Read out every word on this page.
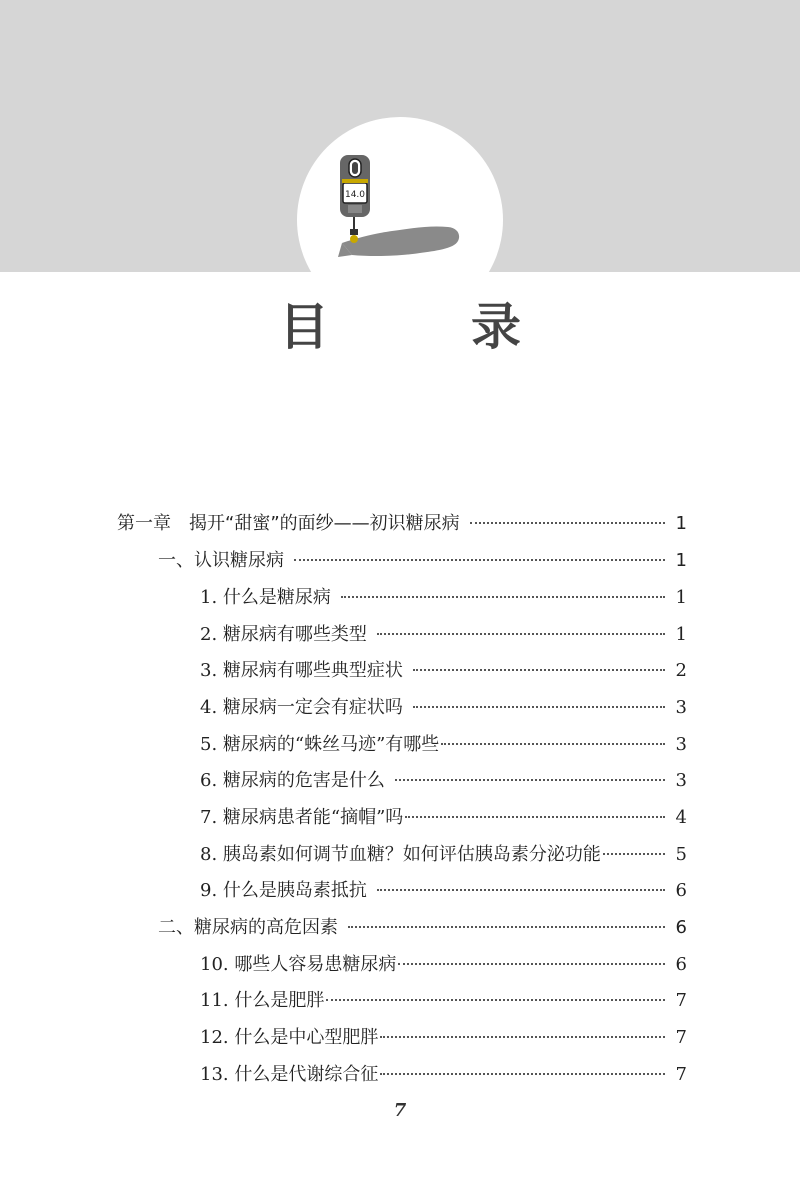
14.0
目　录
第一章　揭开“甜蜜”的面纱——初识糖尿病	1
一、认识糖尿病	1
1. 什么是糖尿病	1
2. 糖尿病有哪些类型	1
3. 糖尿病有哪些典型症状	2
4. 糖尿病一定会有症状吗	3
5. 糖尿病的“蛛丝马迹”有哪些	3
6. 糖尿病的危害是什么	3
7. 糖尿病患者能“摘帽”吗	4
8. 胰岛素如何调节血糖？如何评估胰岛素分泌功能	5
9. 什么是胰岛素抵抗	6
二、糖尿病的高危因素	6
10. 哪些人容易患糖尿病	6
11. 什么是肥胖	7
12. 什么是中心型肥胖	7
13. 什么是代谢综合征	7
7
